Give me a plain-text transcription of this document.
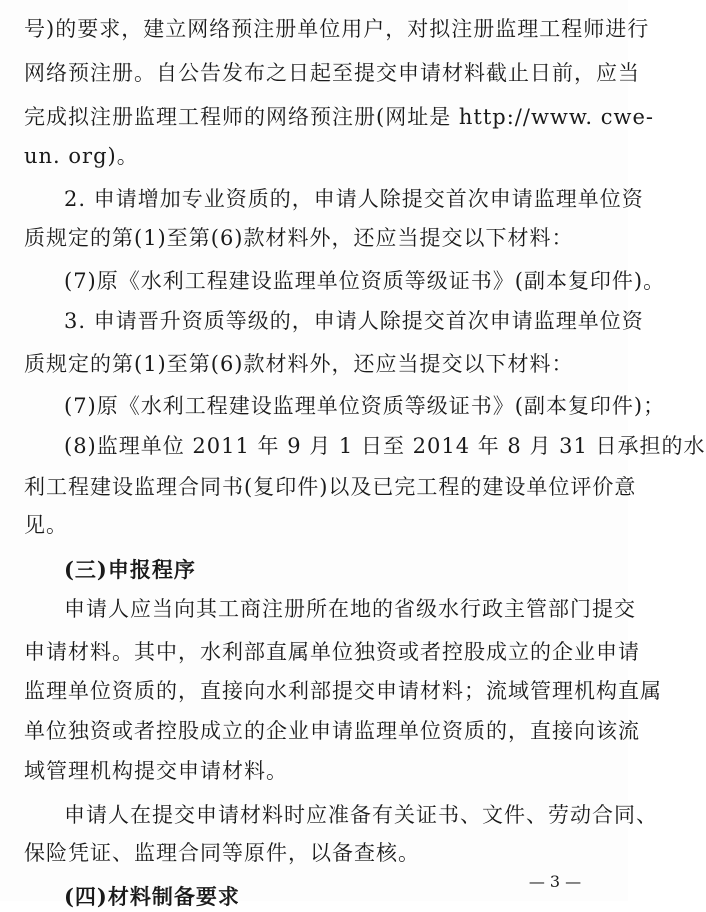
号)的要求，建立网络预注册单位用户，对拟注册监理工程师进行
网络预注册。自公告发布之日起至提交申请材料截止日前，应当
完成拟注册监理工程师的网络预注册(网址是 http://www. cwe-
un. org)。
2. 申请增加专业资质的，申请人除提交首次申请监理单位资
质规定的第(1)至第(6)款材料外，还应当提交以下材料：
(7)原《水利工程建设监理单位资质等级证书》(副本复印件)。
3. 申请晋升资质等级的，申请人除提交首次申请监理单位资
质规定的第(1)至第(6)款材料外，还应当提交以下材料：
(7)原《水利工程建设监理单位资质等级证书》(副本复印件)；
(8)监理单位 2011 年 9 月 1 日至 2014 年 8 月 31 日承担的水
利工程建设监理合同书(复印件)以及已完工程的建设单位评价意
见。
(三)申报程序
申请人应当向其工商注册所在地的省级水行政主管部门提交
申请材料。其中，水利部直属单位独资或者控股成立的企业申请
监理单位资质的，直接向水利部提交申请材料；流域管理机构直属
单位独资或者控股成立的企业申请监理单位资质的，直接向该流
域管理机构提交申请材料。
申请人在提交申请材料时应准备有关证书、文件、劳动合同、
保险凭证、监理合同等原件，以备查核。
(四)材料制备要求
— 3 —
